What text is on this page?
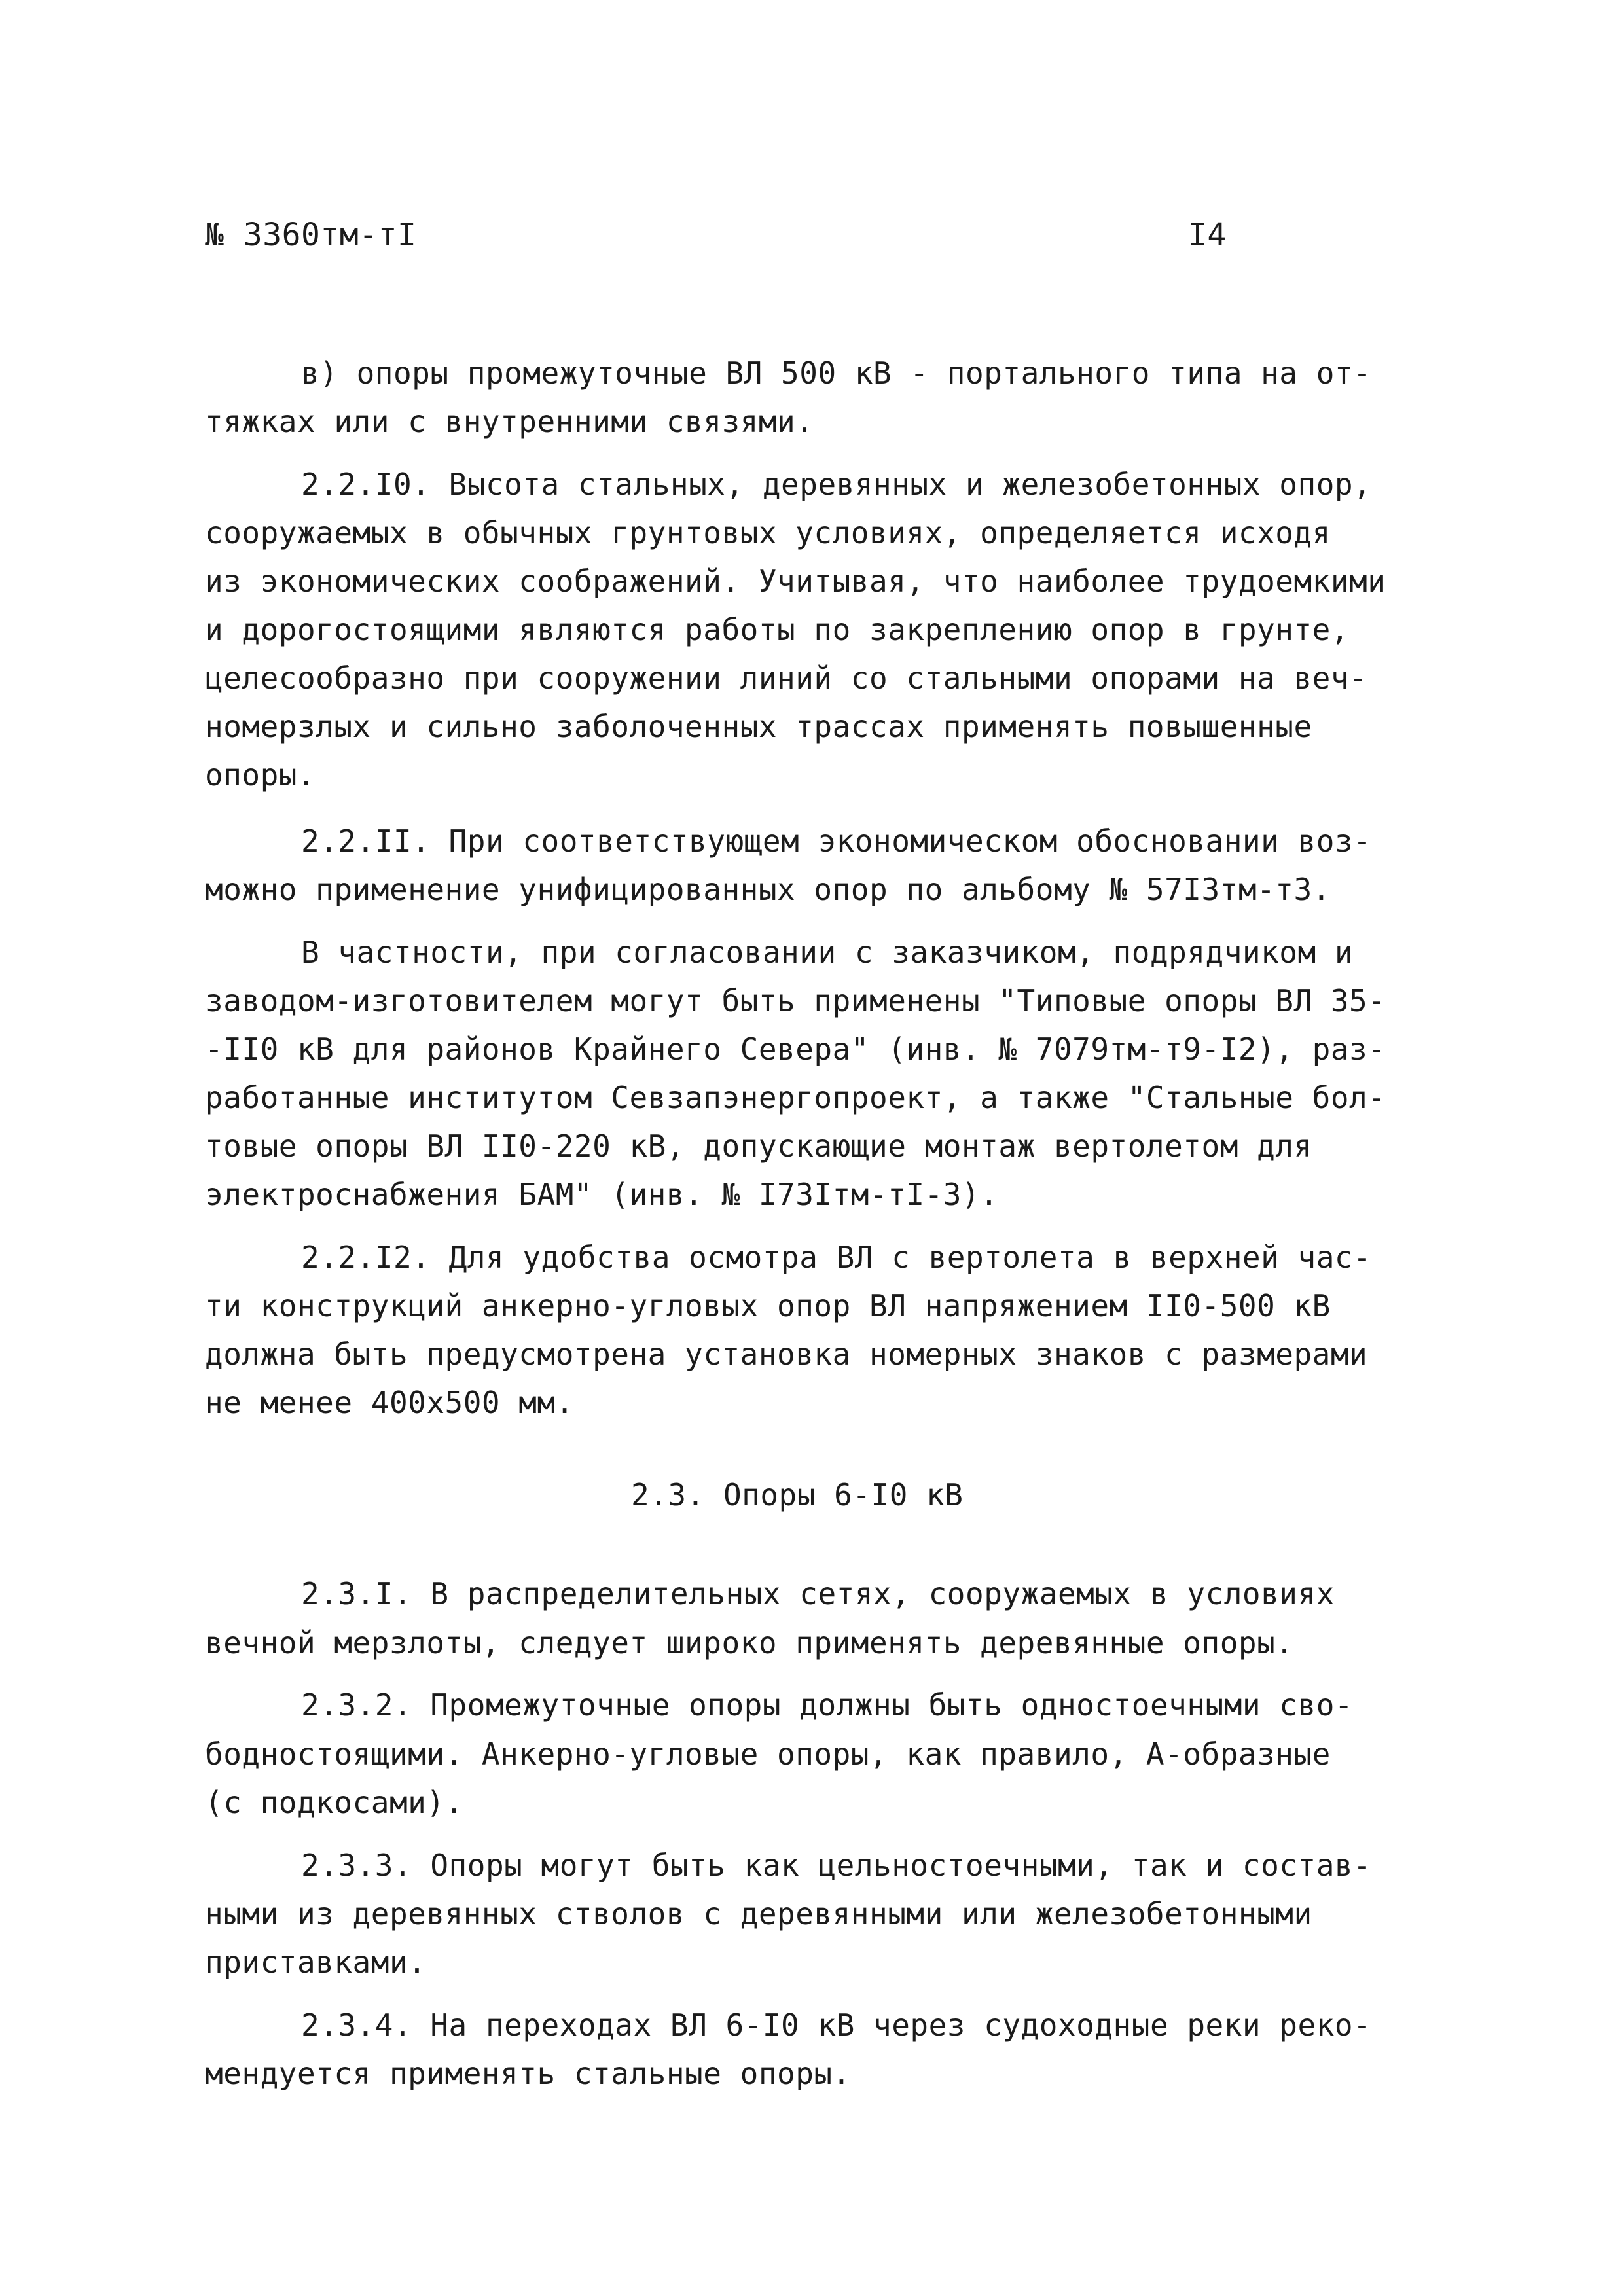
№ 3360тм-тI	I4
в) опоры промежуточные ВЛ 500 кВ - портального типа на от-
тяжках или с внутренними связями.
2.2.I0. Высота стальных, деревянных и железобетонных опор,
сооружаемых в обычных грунтовых условиях, определяется исходя
из экономических соображений. Учитывая, что наиболее трудоемкими
и дорогостоящими являются работы по закреплению опор в грунте,
целесообразно при сооружении линий со стальными опорами на веч-
номерзлых и сильно заболоченных трассах применять повышенные
опоры.
2.2.II. При соответствующем экономическом обосновании воз-
можно применение унифицированных опор по альбому № 57I3тм-т3.
В частности, при согласовании с заказчиком, подрядчиком и
заводом-изготовителем могут быть применены "Типовые опоры ВЛ 35-
-II0 кВ для районов Крайнего Севера" (инв. № 7079тм-т9-I2), раз-
работанные институтом Севзапэнергопроект, а также "Стальные бол-
товые опоры ВЛ II0-220 кВ, допускающие монтаж вертолетом для
электроснабжения БАМ" (инв. № I73Iтм-тI-3).
2.2.I2. Для удобства осмотра ВЛ с вертолета в верхней час-
ти конструкций анкерно-угловых опор ВЛ напряжением II0-500 кВ
должна быть предусмотрена установка номерных знаков с размерами
не менее 400х500 мм.
2.3. Опоры 6-I0 кВ
2.3.I. В распределительных сетях, сооружаемых в условиях
вечной мерзлоты, следует широко применять деревянные опоры.
2.3.2. Промежуточные опоры должны быть одностоечными сво-
бодностоящими. Анкерно-угловые опоры, как правило, А-образные
(с подкосами).
2.3.3. Опоры могут быть как цельностоечными, так и состав-
ными из деревянных стволов с деревянными или железобетонными
приставками.
2.3.4. На переходах ВЛ 6-I0 кВ через судоходные реки реко-
мендуется применять стальные опоры.
